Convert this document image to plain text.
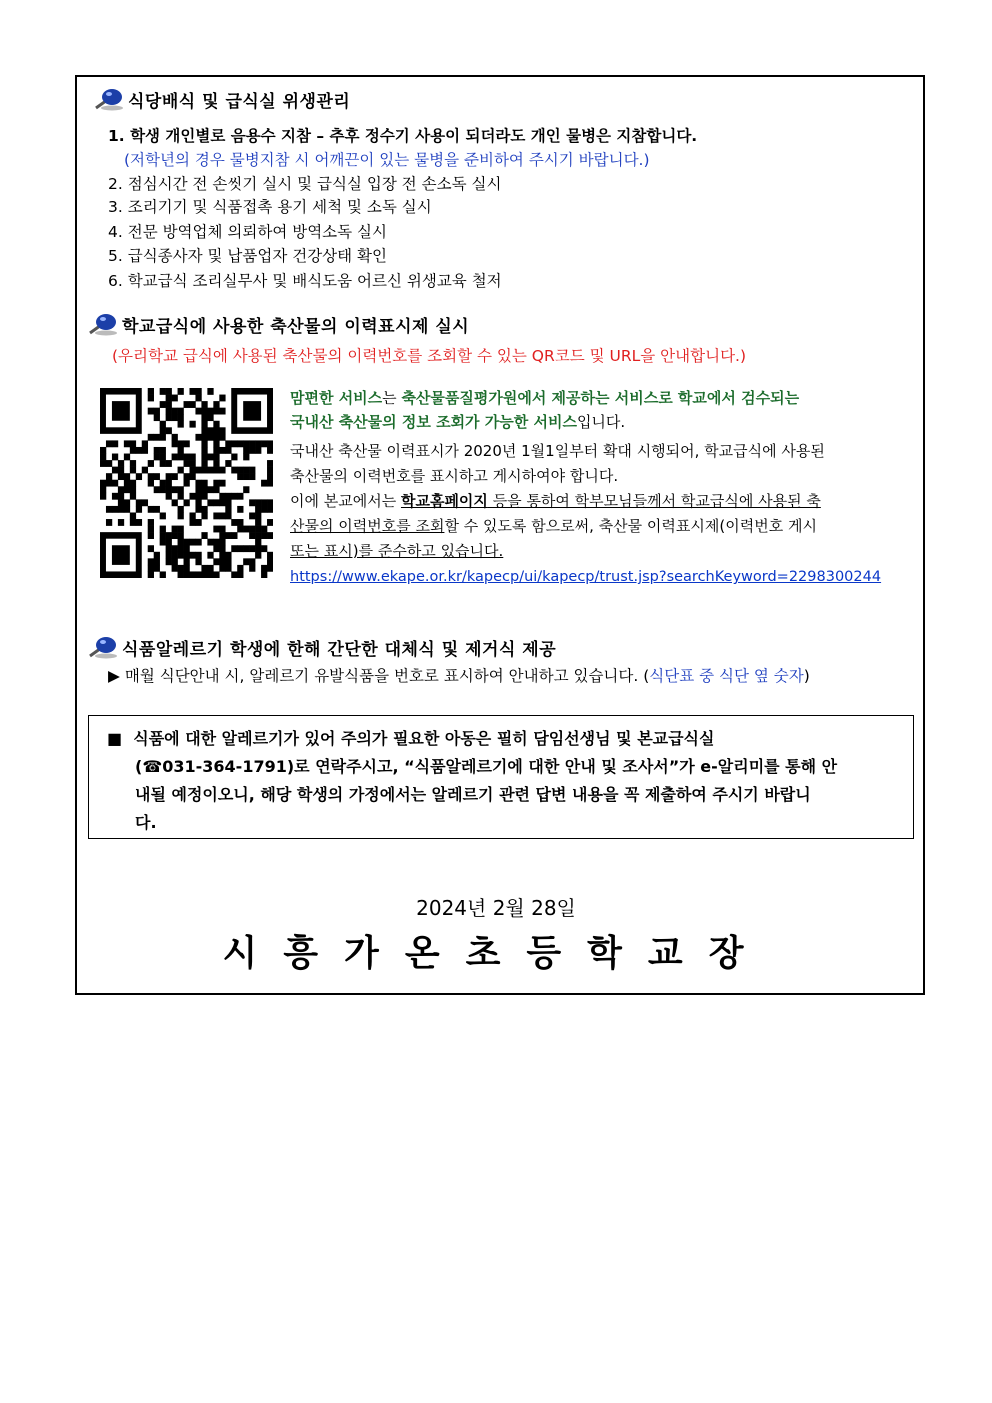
식당배식 및 급식실 위생관리
1. 학생 개인별로 음용수 지참 – 추후 정수기 사용이 되더라도 개인 물병은 지참합니다.
(저학년의 경우 물병지참 시 어깨끈이 있는 물병을 준비하여 주시기 바랍니다.)
2. 점심시간 전 손씻기 실시 및 급식실 입장 전 손소독 실시
3. 조리기기 및 식품접촉 용기 세척 및 소독 실시
4. 전문 방역업체 의뢰하여 방역소독 실시
5. 급식종사자 및 납품업자 건강상태 확인
6. 학교급식 조리실무사 및 배식도움 어르신 위생교육 철저
학교급식에 사용한 축산물의 이력표시제 실시
(우리학교 급식에 사용된 축산물의 이력번호를 조회할 수 있는 QR코드 및 URL을 안내합니다.)
맘편한 서비스는 축산물품질평가원에서 제공하는 서비스로 학교에서 검수되는
국내산 축산물의 정보 조회가 가능한 서비스입니다.
국내산 축산물 이력표시가 2020년 1월1일부터 확대 시행되어, 학교급식에 사용된
축산물의 이력번호를 표시하고 게시하여야 합니다.
이에 본교에서는 학교홈페이지 등을 통하여 학부모님들께서 학교급식에 사용된 축
산물의 이력번호를 조회할 수 있도록 함으로써, 축산물 이력표시제(이력번호 게시
또는 표시)를 준수하고 있습니다.
https://www.ekape.or.kr/kapecp/ui/kapecp/trust.jsp?searchKeyword=2298300244
식품알레르기 학생에 한해 간단한 대체식 및 제거식 제공
▶ 매월 식단안내 시, 알레르기 유발식품을 번호로 표시하여 안내하고 있습니다. (식단표 중 식단 옆 숫자)
■ 식품에 대한 알레르기가 있어 주의가 필요한 아동은 필히 담임선생님 및 본교급식실
(☎031-364-1791)로 연락주시고, “식품알레르기에 대한 안내 및 조사서”가 e-알리미를 통해 안
내될 예정이오니, 해당 학생의 가정에서는 알레르기 관련 답변 내용을 꼭 제출하여 주시기 바랍니
다.
2024년 2월 28일
시흥가온초등학교장
